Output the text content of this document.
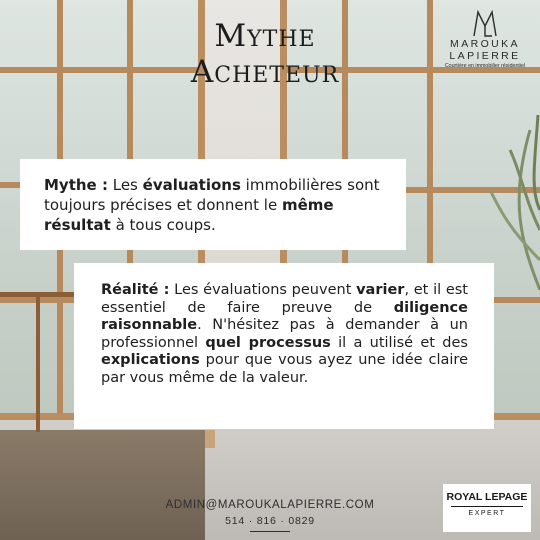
Mythe
Acheteur
MAROUKA
LAPIERRE
Courtière en immobilier résidentiel
Mythe : Les évaluations immobilières sont toujours précises et donnent le même résultat à tous coups.
Réalité : Les évaluations peuvent varier, et il est essentiel de faire preuve de diligence raisonnable. N'hésitez pas à demander à un professionnel quel processus il a utilisé et des explications pour que vous ayez une idée claire par vous même de la valeur.
ADMIN@MAROUKALAPIERRE.COM
514 · 816 · 0829
ROYAL LEPAGE
EXPERT
